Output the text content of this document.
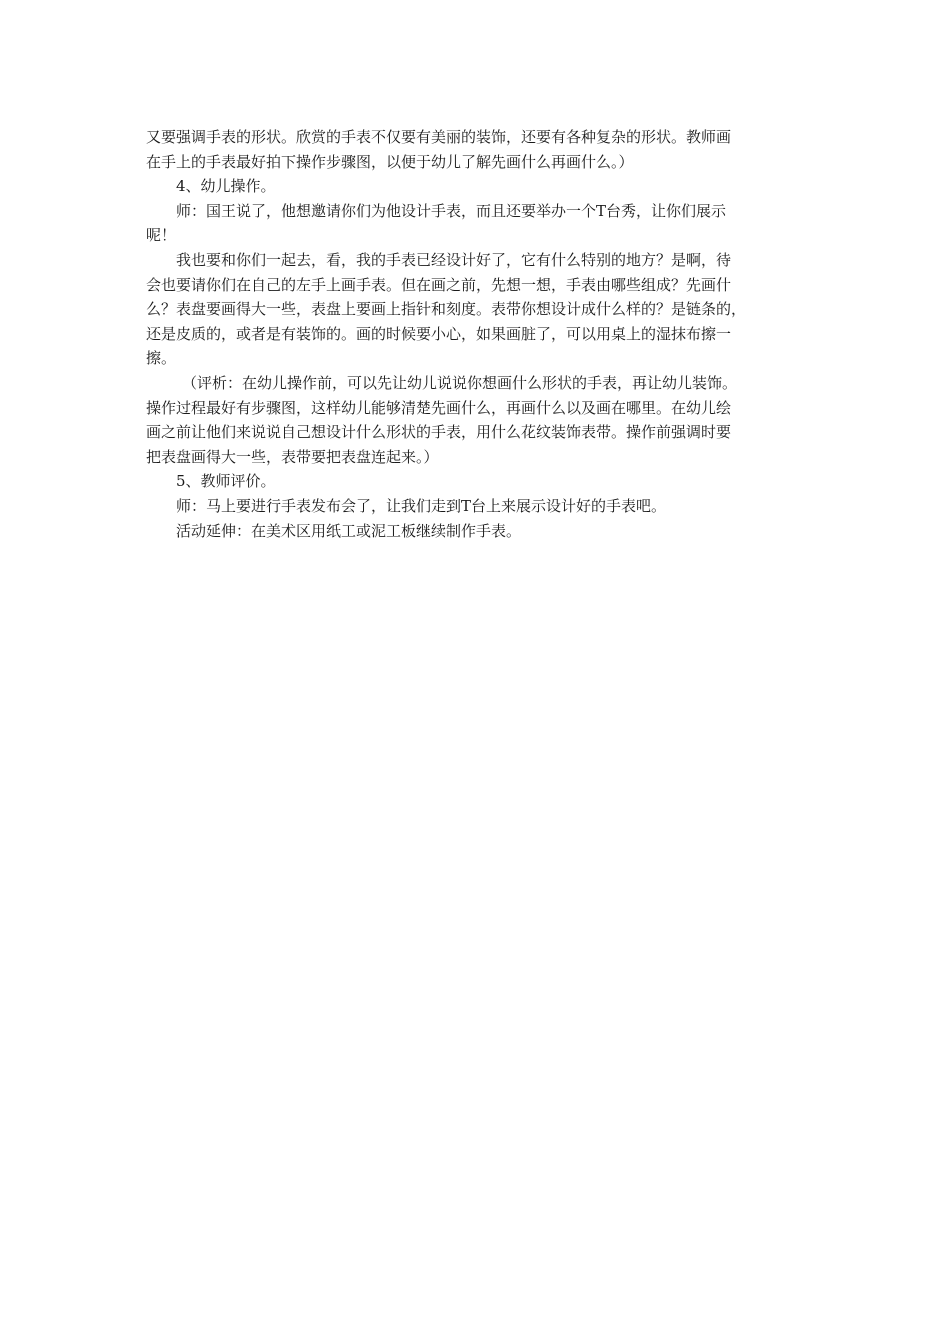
又要强调手表的形状。欣赏的手表不仅要有美丽的装饰，还要有各种复杂的形状。教师画

在手上的手表最好拍下操作步骤图，以便于幼儿了解先画什么再画什么。）

4、幼儿操作。

师：国王说了，他想邀请你们为他设计手表，而且还要举办一个T台秀，让你们展示

呢！

我也要和你们一起去，看，我的手表已经设计好了，它有什么特别的地方？是啊，待

会也要请你们在自己的左手上画手表。但在画之前，先想一想，手表由哪些组成？先画什

么？表盘要画得大一些，表盘上要画上指针和刻度。表带你想设计成什么样的？是链条的，

还是皮质的，或者是有装饰的。画的时候要小心，如果画脏了，可以用桌上的湿抹布擦一

擦。

（评析：在幼儿操作前，可以先让幼儿说说你想画什么形状的手表，再让幼儿装饰。

操作过程最好有步骤图，这样幼儿能够清楚先画什么，再画什么以及画在哪里。在幼儿绘

画之前让他们来说说自己想设计什么形状的手表，用什么花纹装饰表带。操作前强调时要

把表盘画得大一些，表带要把表盘连起来。）

5、教师评价。

师：马上要进行手表发布会了，让我们走到T台上来展示设计好的手表吧。

活动延伸：在美术区用纸工或泥工板继续制作手表。
